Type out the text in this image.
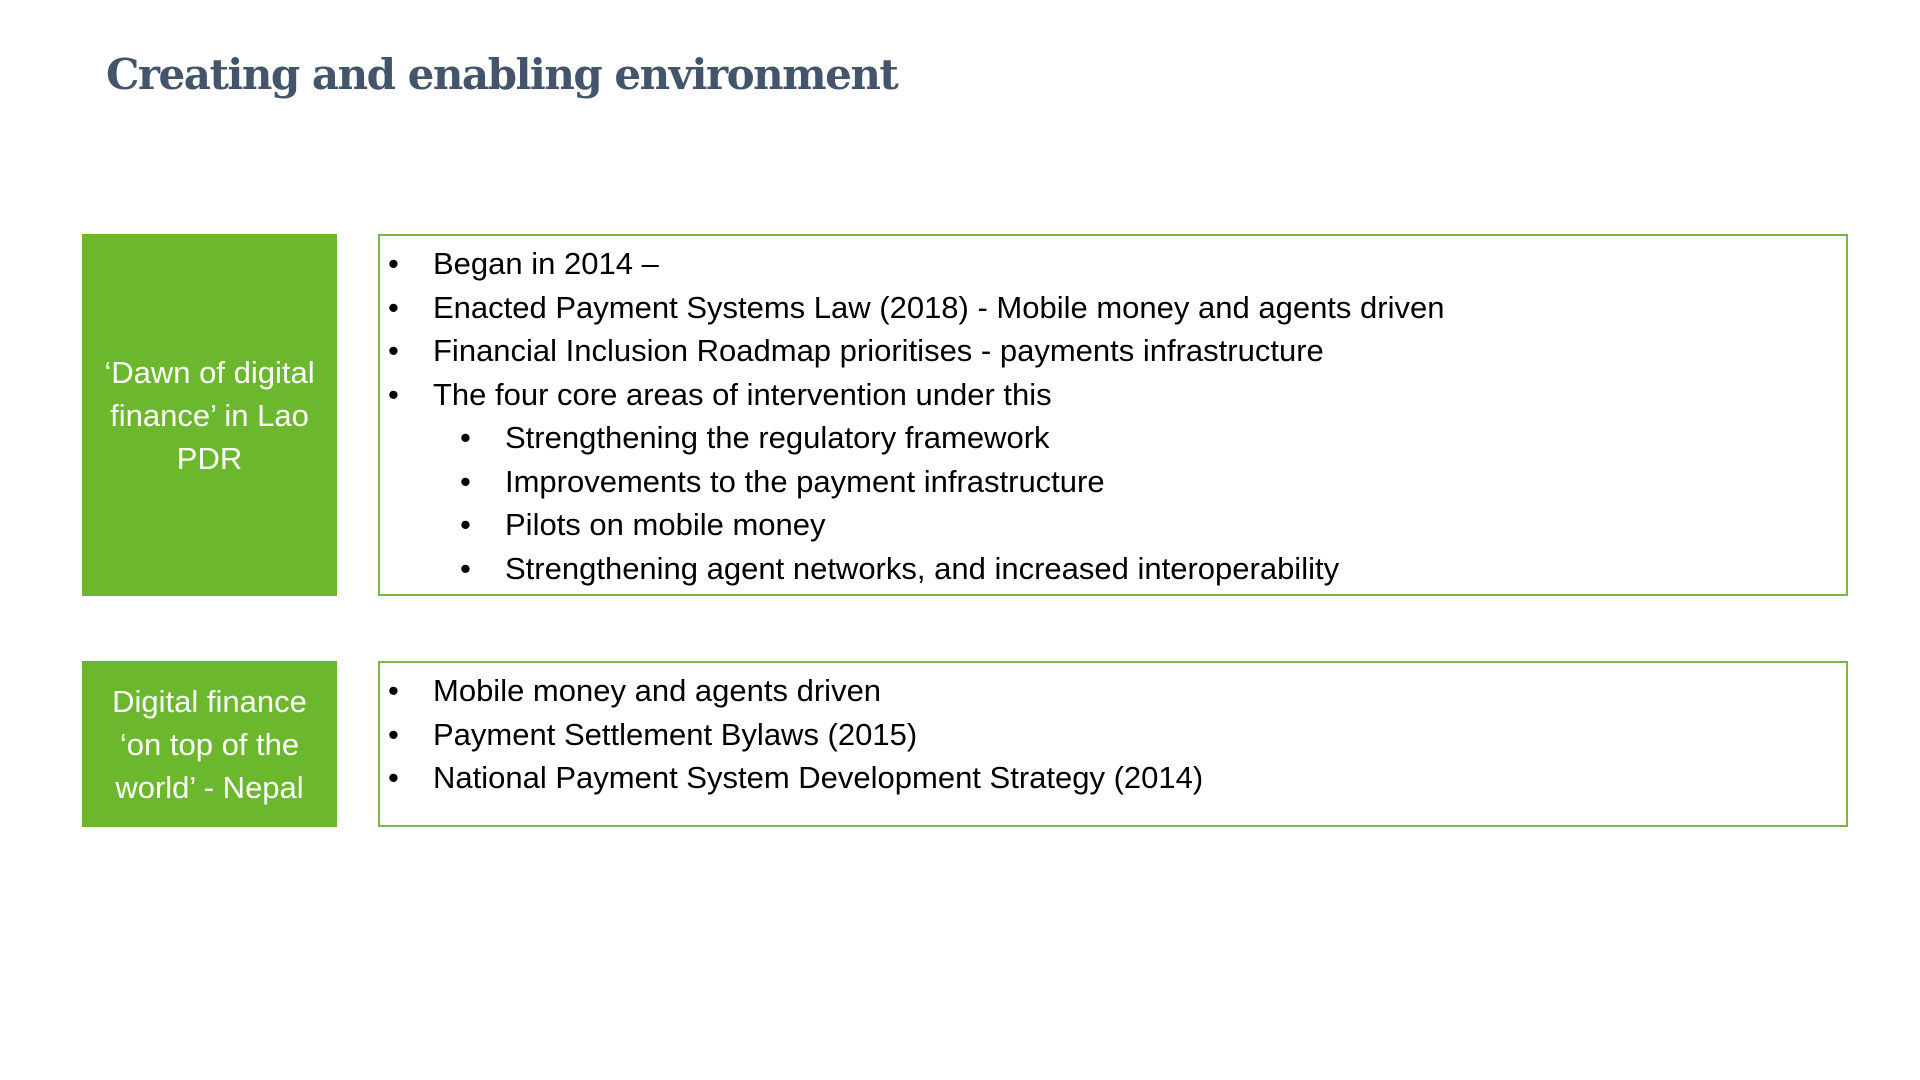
Creating and enabling environment
‘Dawn of digital
finance’ in Lao
PDR
• Began in 2014 –
• Enacted Payment Systems Law (2018) - Mobile money and agents driven
• Financial Inclusion Roadmap prioritises - payments infrastructure
• The four core areas of intervention under this
• Strengthening the regulatory framework
• Improvements to the payment infrastructure
• Pilots on mobile money
• Strengthening agent networks, and increased interoperability
Digital finance
‘on top of the
world’ - Nepal
• Mobile money and agents driven
• Payment Settlement Bylaws (2015)
• National Payment System Development Strategy (2014)
